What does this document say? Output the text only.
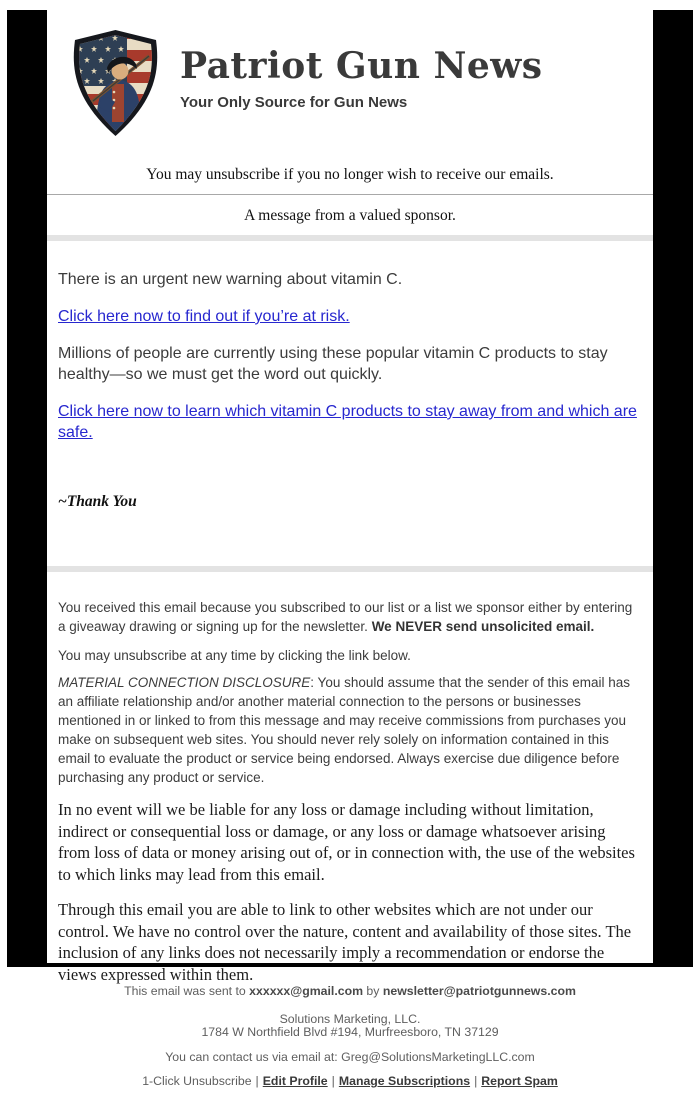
Patriot Gun News
Your Only Source for Gun News

You may unsubscribe if you no longer wish to receive our emails.

A message from a valued sponsor.

There is an urgent new warning about vitamin C.

Click here now to find out if you’re at risk.

Millions of people are currently using these popular vitamin C products to stay healthy—so we must get the word out quickly.

Click here now to learn which vitamin C products to stay away from and which are safe.

~Thank You

You received this email because you subscribed to our list or a list we sponsor either by entering a giveaway drawing or signing up for the newsletter. We NEVER send unsolicited email.

You may unsubscribe at any time by clicking the link below.

MATERIAL CONNECTION DISCLOSURE: You should assume that the sender of this email has an affiliate relationship and/or another material connection to the persons or businesses mentioned in or linked to from this message and may receive commissions from purchases you make on subsequent web sites. You should never rely solely on information contained in this email to evaluate the product or service being endorsed. Always exercise due diligence before purchasing any product or service.

In no event will we be liable for any loss or damage including without limitation, indirect or consequential loss or damage, or any loss or damage whatsoever arising from loss of data or money arising out of, or in connection with, the use of the websites to which links may lead from this email.

Through this email you are able to link to other websites which are not under our control. We have no control over the nature, content and availability of those sites. The inclusion of any links does not necessarily imply a recommendation or endorse the views expressed within them.

This email was sent to xxxxxx@gmail.com by newsletter@patriotgunnews.com
Solutions Marketing, LLC.
1784 W Northfield Blvd #194, Murfreesboro, TN 37129
You can contact us via email at: Greg@SolutionsMarketingLLC.com
1-Click Unsubscribe | Edit Profile | Manage Subscriptions | Report Spam
